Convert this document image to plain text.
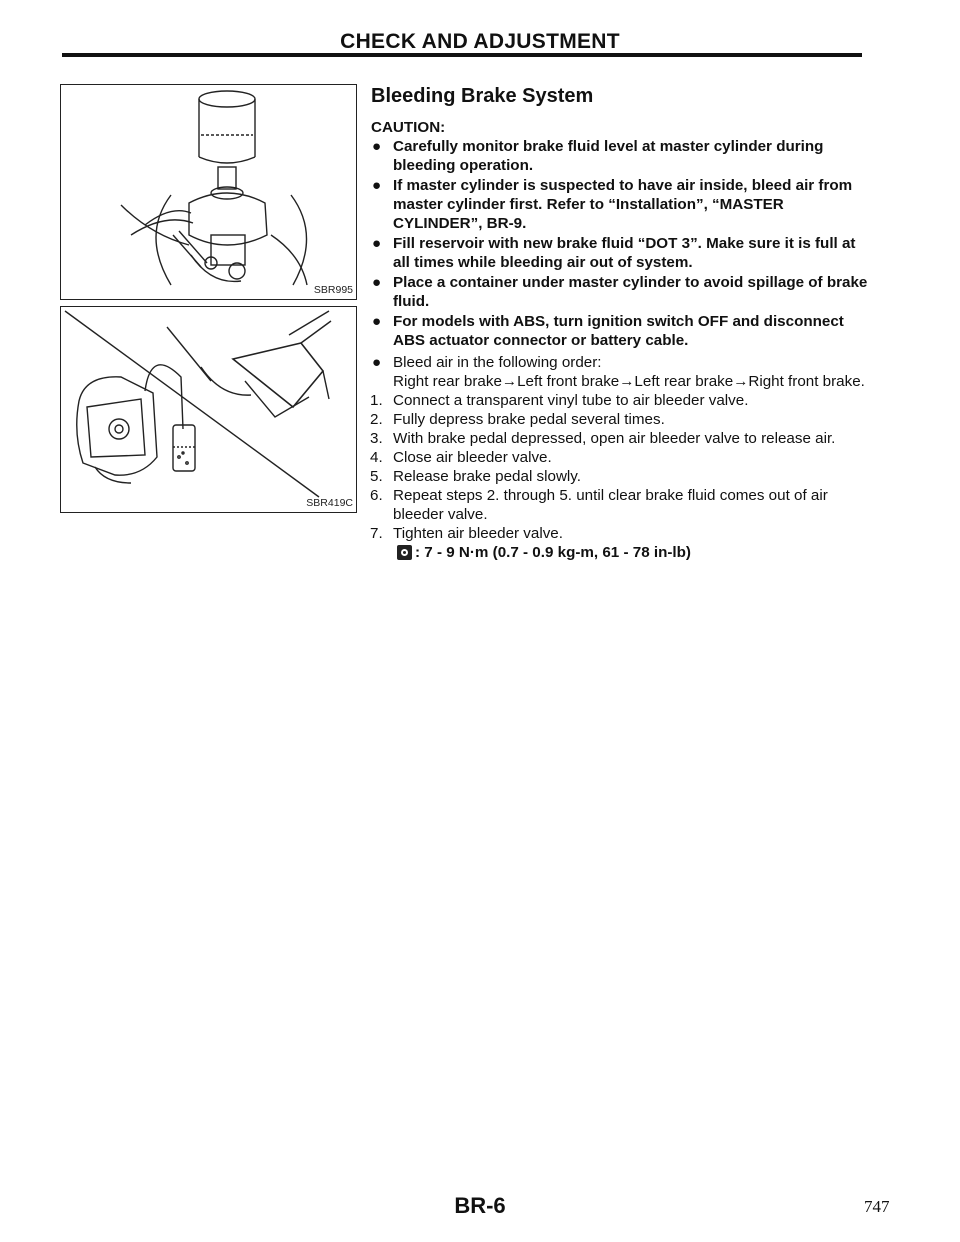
CHECK AND ADJUSTMENT
SBR995
SBR419C
Bleeding Brake System
CAUTION:
● Carefully monitor brake fluid level at master cylinder during bleeding operation.
● If master cylinder is suspected to have air inside, bleed air from master cylinder first. Refer to “Installation”, “MASTER CYLINDER”, BR-9.
● Fill reservoir with new brake fluid “DOT 3”. Make sure it is full at all times while bleeding air out of system.
● Place a container under master cylinder to avoid spillage of brake fluid.
● For models with ABS, turn ignition switch OFF and disconnect ABS actuator connector or battery cable.
● Bleed air in the following order:
Right rear brake→Left front brake→Left rear brake→Right front brake.
1. Connect a transparent vinyl tube to air bleeder valve.
2. Fully depress brake pedal several times.
3. With brake pedal depressed, open air bleeder valve to release air.
4. Close air bleeder valve.
5. Release brake pedal slowly.
6. Repeat steps 2. through 5. until clear brake fluid comes out of air bleeder valve.
7. Tighten air bleeder valve.
: 7 - 9 N·m (0.7 - 0.9 kg-m, 61 - 78 in-lb)
BR-6	747
